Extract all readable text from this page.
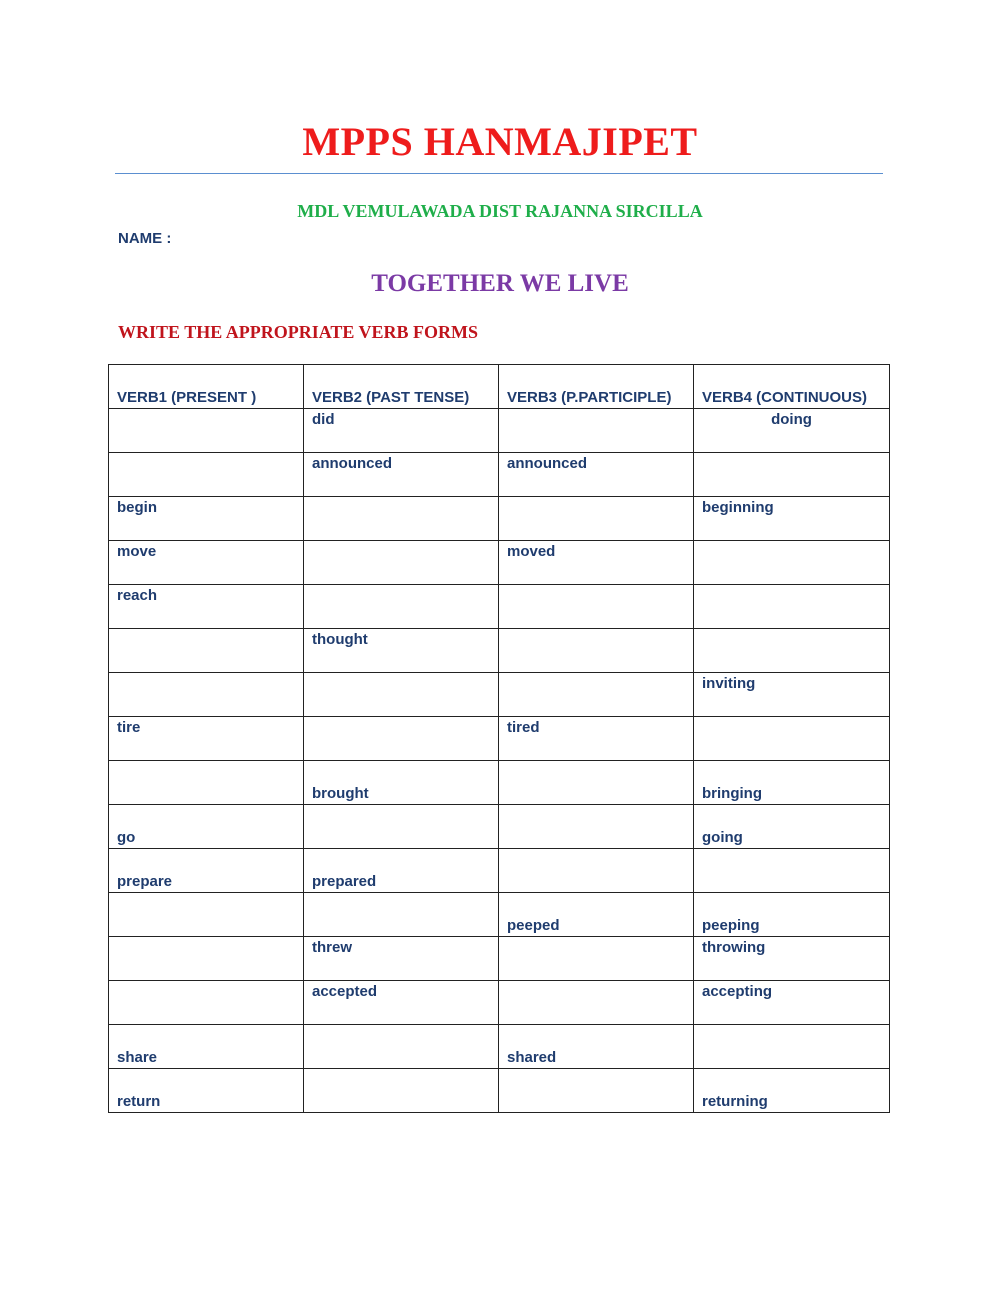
MPPS HANMAJIPET
MDL VEMULAWADA DIST RAJANNA SIRCILLA
NAME :
TOGETHER WE LIVE
WRITE THE APPROPRIATE VERB FORMS
VERB1 (PRESENT )	VERB2 (PAST TENSE)	VERB3 (P.PARTICIPLE)	VERB4 (CONTINUOUS)
	did		doing
	announced	announced	
begin			beginning
move		moved	
reach			
	thought		
			inviting
tire		tired	
	brought		bringing
go			going
prepare	prepared		
		peeped	peeping
	threw		throwing
	accepted		accepting
share		shared	
return			returning
